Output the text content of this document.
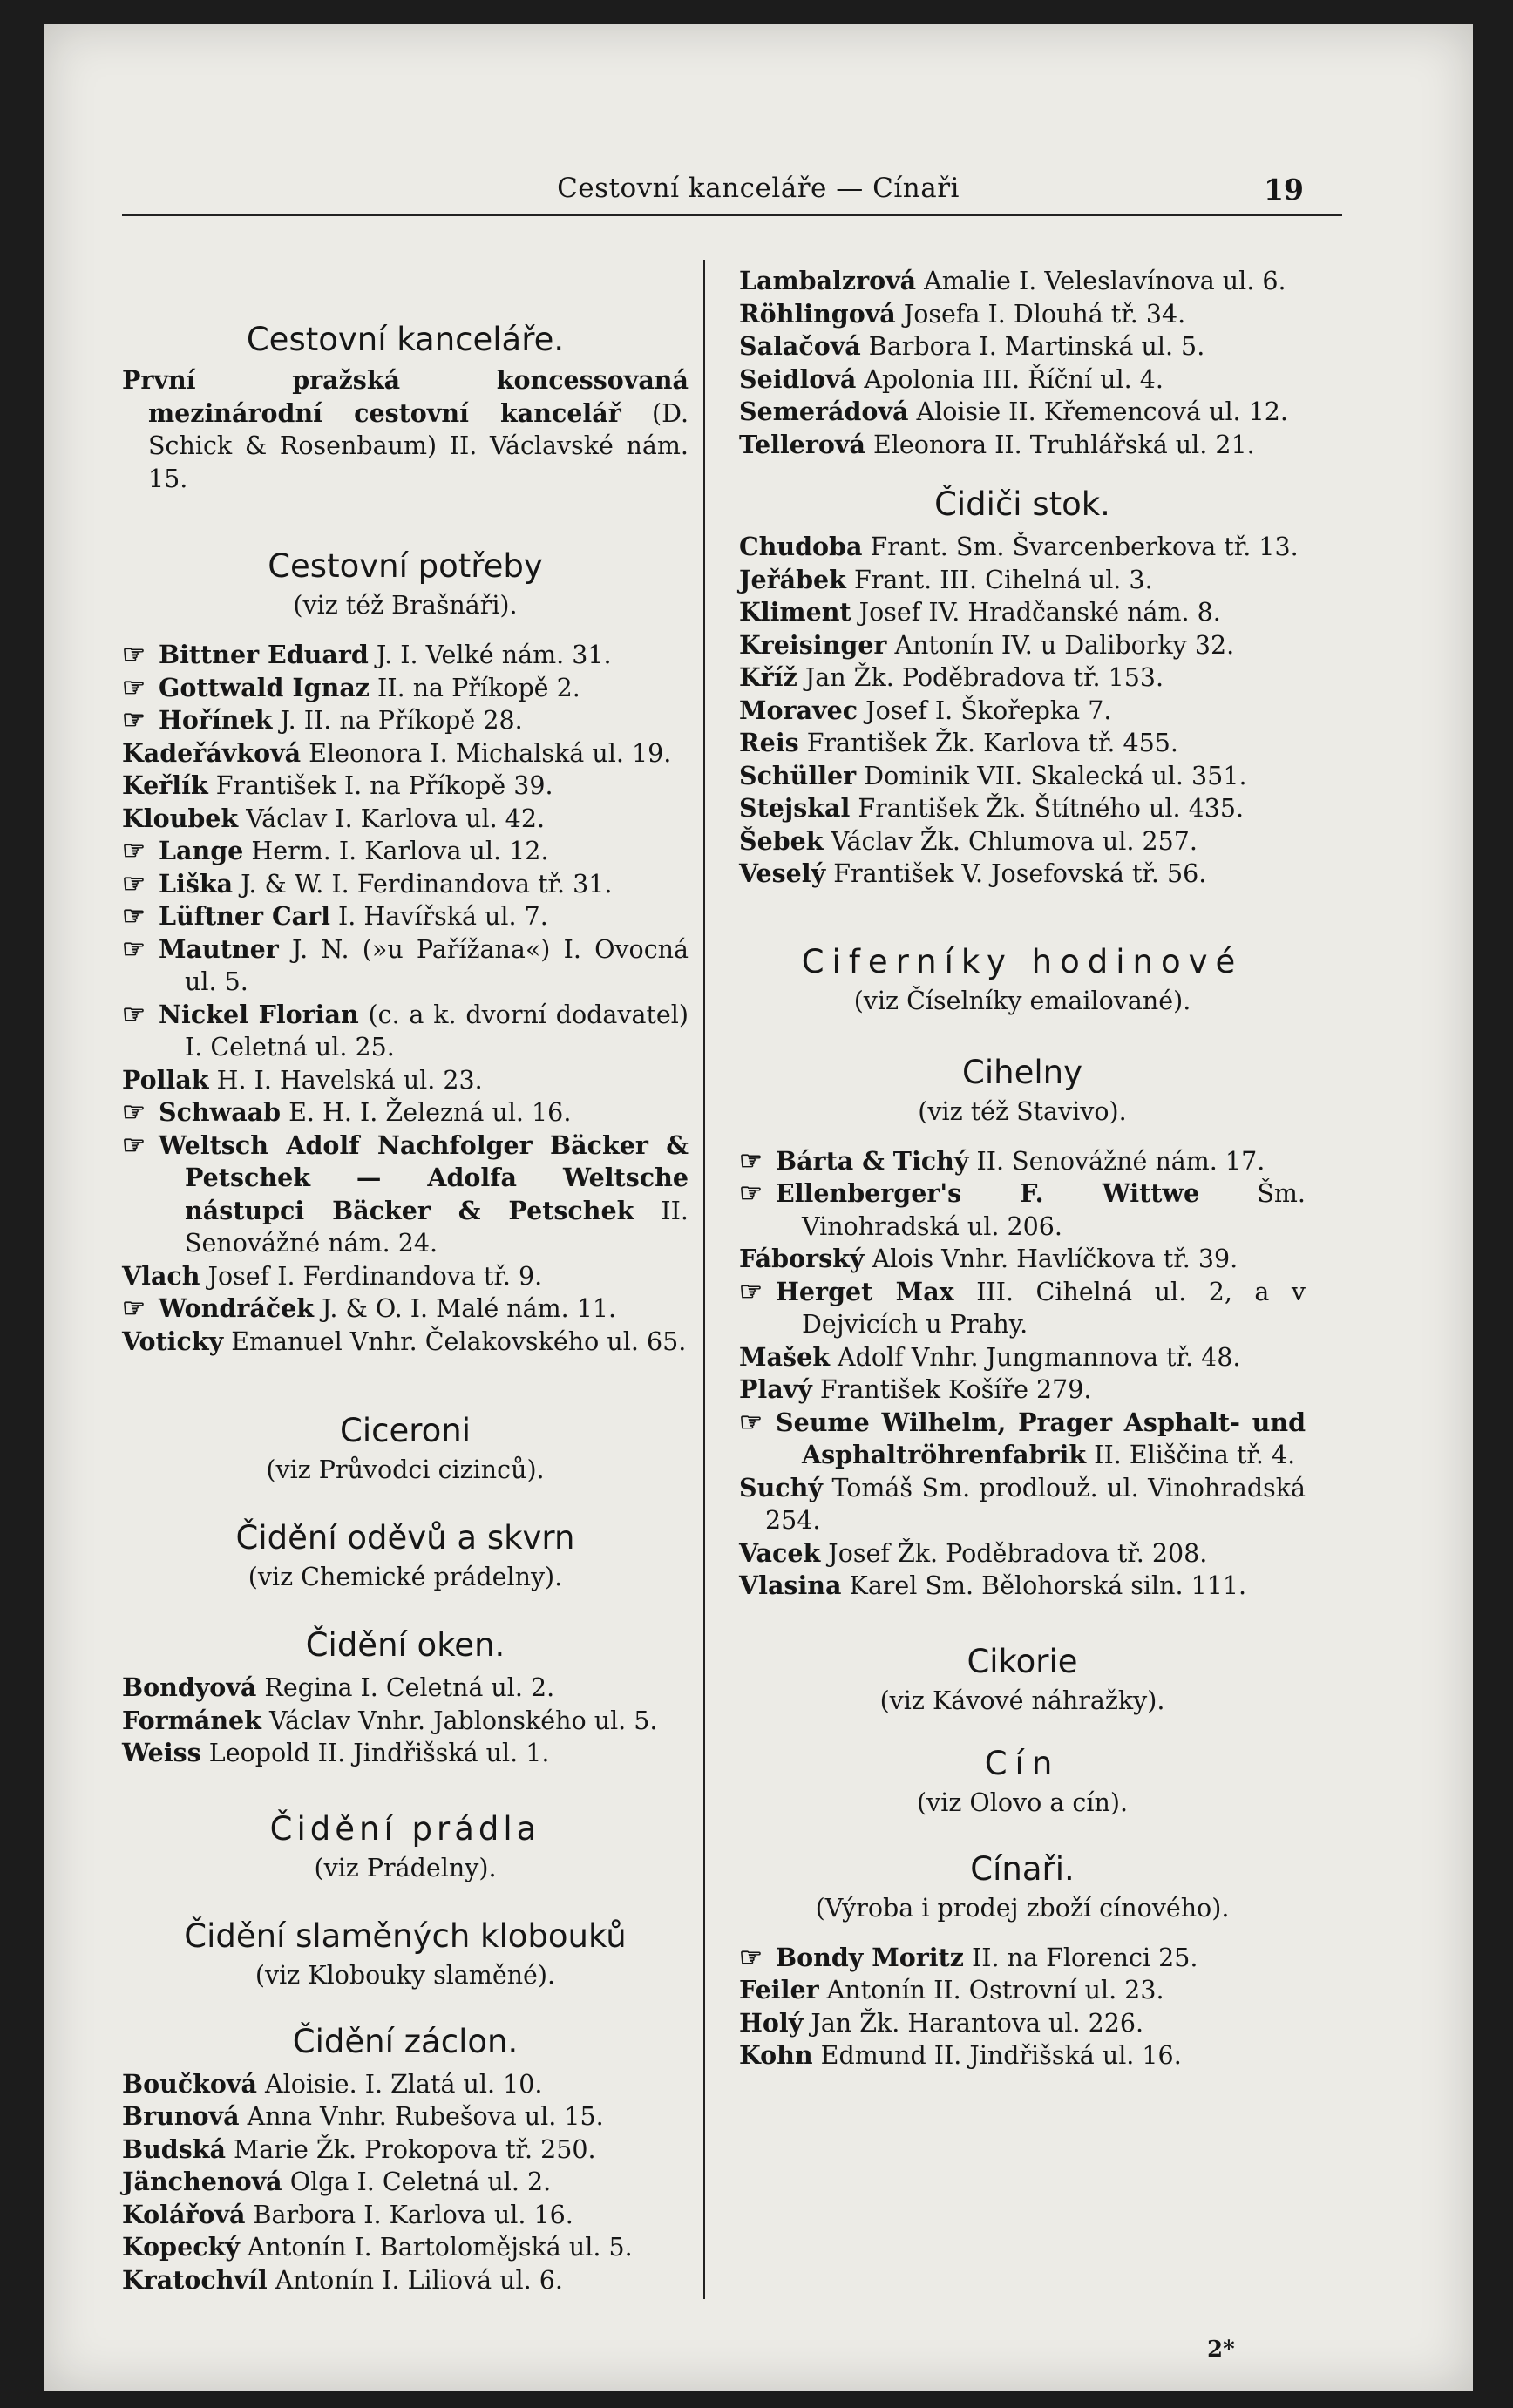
Cestovní kanceláře — Cínaři	19
Cestovní kanceláře.

První pražská koncessovaná mezinárodní cestovní kancelář (D. Schick & Rosenbaum) II. Václavské nám. 15.

Cestovní potřeby

(viz též Brašnáři).

☞ Bittner Eduard J. I. Velké nám. 31.

☞ Gottwald Ignaz II. na Příkopě 2.

☞ Hořínek J. II. na Příkopě 28.

Kadeřávková Eleonora I. Michalská ul. 19.

Keřlík František I. na Příkopě 39.

Kloubek Václav I. Karlova ul. 42.

☞ Lange Herm. I. Karlova ul. 12.

☞ Liška J. & W. I. Ferdinandova tř. 31.

☞ Lüftner Carl I. Havířská ul. 7.

☞ Mautner J. N. (»u Pařížana«) I. Ovocná ul. 5.

☞ Nickel Florian (c. a k. dvorní dodavatel) I. Celetná ul. 25.

Pollak H. I. Havelská ul. 23.

☞ Schwaab E. H. I. Železná ul. 16.

☞ Weltsch Adolf Nachfolger Bäcker & Petschek — Adolfa Weltsche nástupci Bäcker & Petschek II. Senovážné nám. 24.

Vlach Josef I. Ferdinandova tř. 9.

☞ Wondráček J. & O. I. Malé nám. 11.

Voticky Emanuel Vnhr. Čelakovského ul. 65.

Ciceroni

(viz Průvodci cizinců).

Čidění oděvů a skvrn

(viz Chemické prádelny).

Čidění oken.

Bondyová Regina I. Celetná ul. 2.

Formánek Václav Vnhr. Jablonského ul. 5.

Weiss Leopold II. Jindřišská ul. 1.

Čidění prádla

(viz Prádelny).

Čidění slaměných klobouků

(viz Klobouky slaměné).

Čidění záclon.

Boučková Aloisie. I. Zlatá ul. 10.

Brunová Anna Vnhr. Rubešova ul. 15.

Budská Marie Žk. Prokopova tř. 250.

Jänchenová Olga I. Celetná ul. 2.

Kolářová Barbora I. Karlova ul. 16.

Kopecký Antonín I. Bartolomějská ul. 5.

Kratochvíl Antonín I. Liliová ul. 6.

Lambalzrová Amalie I. Veleslavínova ul. 6.

Röhlingová Josefa I. Dlouhá tř. 34.

Salačová Barbora I. Martinská ul. 5.

Seidlová Apolonia III. Říční ul. 4.

Semerádová Aloisie II. Křemencová ul. 12.

Tellerová Eleonora II. Truhlářská ul. 21.

Čidiči stok.

Chudoba Frant. Sm. Švarcenberkova tř. 13.

Jeřábek Frant. III. Cihelná ul. 3.

Kliment Josef IV. Hradčanské nám. 8.

Kreisinger Antonín IV. u Daliborky 32.

Kříž Jan Žk. Poděbradova tř. 153.

Moravec Josef I. Škořepka 7.

Reis František Žk. Karlova tř. 455.

Schüller Dominik VII. Skalecká ul. 351.

Stejskal František Žk. Štítného ul. 435.

Šebek Václav Žk. Chlumova ul. 257.

Veselý František V. Josefovská tř. 56.

Ciferníky hodinové

(viz Číselníky emailované).

Cihelny

(viz též Stavivo).

☞ Bárta & Tichý II. Senovážné nám. 17.

☞ Ellenberger's F. Wittwe Šm. Vinohradská ul. 206.

Fáborský Alois Vnhr. Havlíčkova tř. 39.

☞ Herget Max III. Cihelná ul. 2, a v Dejvicích u Prahy.

Mašek Adolf Vnhr. Jungmannova tř. 48.

Plavý František Košíře 279.

☞ Seume Wilhelm, Prager Asphalt- und Asphaltröhrenfabrik II. Eliščina tř. 4.

Suchý Tomáš Sm. prodlouž. ul. Vinohradská 254.

Vacek Josef Žk. Poděbradova tř. 208.

Vlasina Karel Sm. Bělohorská siln. 111.

Cikorie

(viz Kávové náhražky).

Cín

(viz Olovo a cín).

Cínaři.

(Výroba i prodej zboží cínového).

☞ Bondy Moritz II. na Florenci 25.

Feiler Antonín II. Ostrovní ul. 23.

Holý Jan Žk. Harantova ul. 226.

Kohn Edmund II. Jindřišská ul. 16.

2*
